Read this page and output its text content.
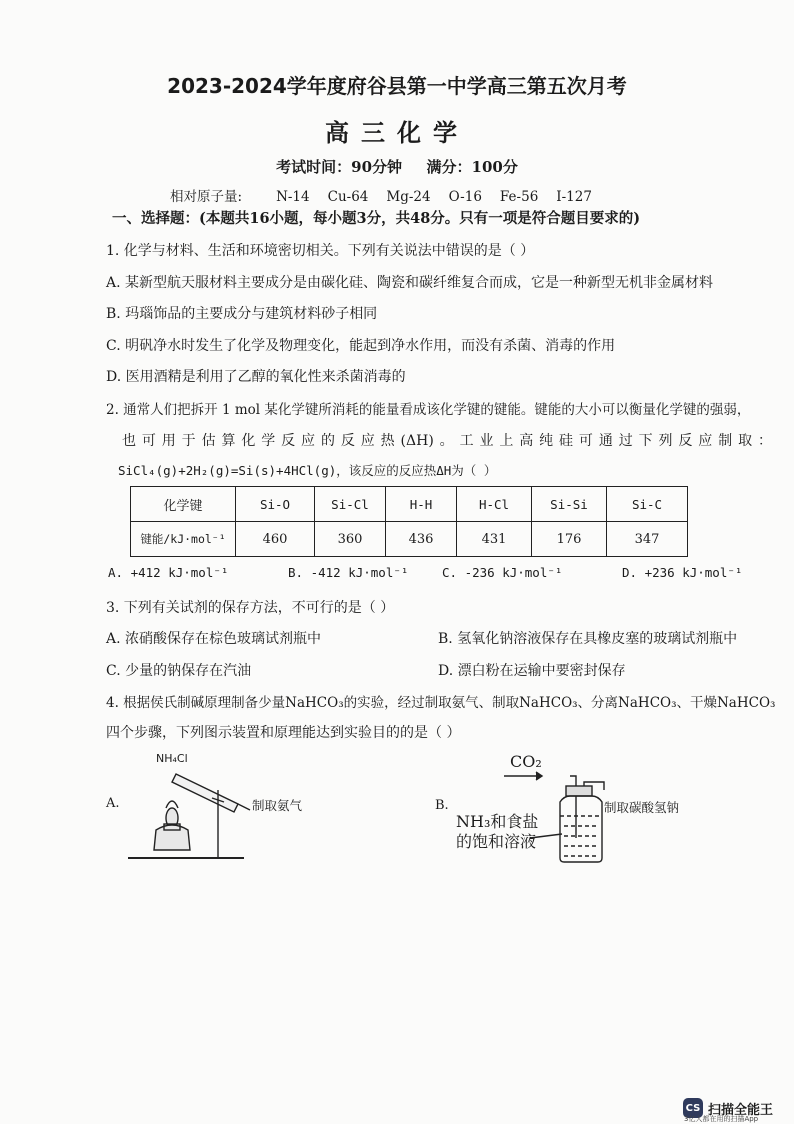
2023-2024学年度府谷县第一中学高三第五次月考
高三化学
考试时间：90分钟 满分：100分
相对原子量:	N-14 Cu-64 Mg-24 O-16 Fe-56 I-127
一、选择题：(本题共16小题，每小题3分，共48分。只有一项是符合题目要求的)
1. 化学与材料、生活和环境密切相关。下列有关说法中错误的是（ ）
A. 某新型航天服材料主要成分是由碳化硅、陶瓷和碳纤维复合而成，它是一种新型无机非金属材料
B. 玛瑙饰品的主要成分与建筑材料砂子相同
C. 明矾净水时发生了化学及物理变化，能起到净水作用，而没有杀菌、消毒的作用
D. 医用酒精是利用了乙醇的氧化性来杀菌消毒的
2. 通常人们把拆开 1 mol 某化学键所消耗的能量看成该化学键的键能。键能的大小可以衡量化学键的强弱，
也可用于估算化学反应的反应热(ΔH)。工业上高纯硅可通过下列反应制取：
SiCl₄(g)+2H₂(g)=Si(s)+4HCl(g)，该反应的反应热ΔH为（ ）
化学键	Si-O	Si-Cl	H-H	H-Cl	Si-Si	Si-C
键能/kJ·mol⁻¹	460	360	436	431	176	347
A. +412 kJ·mol⁻¹	B. -412 kJ·mol⁻¹	C. -236 kJ·mol⁻¹	D. +236 kJ·mol⁻¹
3. 下列有关试剂的保存方法，不可行的是（ ）
A. 浓硝酸保存在棕色玻璃试剂瓶中	B. 氢氧化钠溶液保存在具橡皮塞的玻璃试剂瓶中
C. 少量的钠保存在汽油	D. 漂白粉在运输中要密封保存
4. 根据侯氏制碱原理制备少量NaHCO₃的实验，经过制取氨气、制取NaHCO₃、分离NaHCO₃、干燥NaHCO₃
四个步骤，下列图示装置和原理能达到实验目的的是（ ）
A.
NH₄Cl
制取氨气	B.
CO₂
NH₃和食盐
的饱和溶液
制取碳酸氢钠
CS 扫描全能王
3亿人都在用的扫描App
